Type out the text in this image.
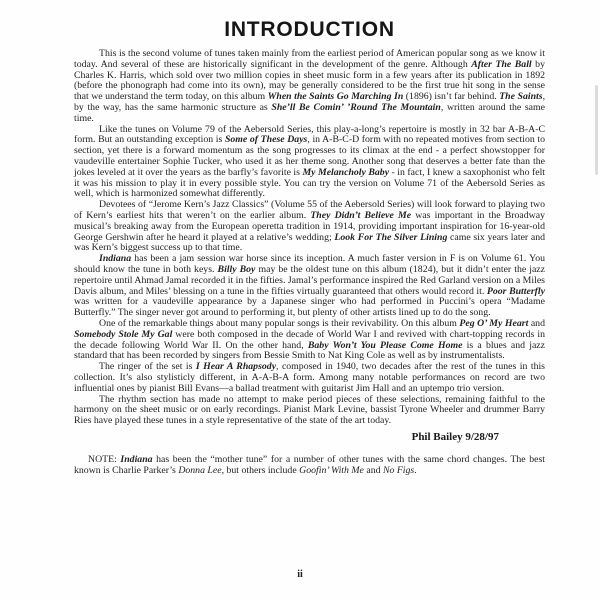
INTRODUCTION

This is the second volume of tunes taken mainly from the earliest period of American popular song as we know it today. And several of these are historically significant in the development of the genre. Although After The Ball by Charles K. Harris, which sold over two million copies in sheet music form in a few years after its publication in 1892 (before the phonograph had come into its own), may be generally considered to be the first true hit song in the sense that we understand the term today, on this album When the Saints Go Marching In (1896) isn’t far behind. The Saints, by the way, has the same harmonic structure as She’ll Be Comin’ ’Round The Mountain, written around the same time.

Like the tunes on Volume 79 of the Aebersold Series, this play-a-long’s repertoire is mostly in 32 bar A-B-A-C form. But an outstanding exception is Some of These Days, in A-B-C-D form with no repeated motives from section to section, yet there is a forward momentum as the song progresses to its climax at the end - a perfect showstopper for vaudeville entertainer Sophie Tucker, who used it as her theme song. Another song that deserves a better fate than the jokes leveled at it over the years as the barfly’s favorite is My Melancholy Baby - in fact, I knew a saxophonist who felt it was his mission to play it in every possible style. You can try the version on Volume 71 of the Aebersold Series as well, which is harmonized somewhat differently.

Devotees of “Jerome Kern’s Jazz Classics” (Volume 55 of the Aebersold Series) will look forward to playing two of Kern’s earliest hits that weren’t on the earlier album. They Didn’t Believe Me was important in the Broadway musical’s breaking away from the European operetta tradition in 1914, providing important inspiration for 16-year-old George Gershwin after he heard it played at a relative’s wedding; Look For The Silver Lining came six years later and was Kern’s biggest success up to that time.

Indiana has been a jam session war horse since its inception. A much faster version in F is on Volume 61. You should know the tune in both keys. Billy Boy may be the oldest tune on this album (1824), but it didn’t enter the jazz repertoire until Ahmad Jamal recorded it in the fifties. Jamal’s performance inspired the Red Garland version on a Miles Davis album, and Miles’ blessing on a tune in the fifties virtually guaranteed that others would record it. Poor Butterfly was written for a vaudeville appearance by a Japanese singer who had performed in Puccini’s opera “Madame Butterfly.” The singer never got around to performing it, but plenty of other artists lined up to do the song.

One of the remarkable things about many popular songs is their revivability. On this album Peg O’ My Heart and Somebody Stole My Gal were both composed in the decade of World War I and revived with chart-topping records in the decade following World War II. On the other hand, Baby Won’t You Please Come Home is a blues and jazz standard that has been recorded by singers from Bessie Smith to Nat King Cole as well as by instrumentalists.

The ringer of the set is I Hear A Rhapsody, composed in 1940, two decades after the rest of the tunes in this collection. It’s also stylisticly different, in A-A-B-A form. Among many notable performances on record are two influential ones by pianist Bill Evans—a ballad treatment with guitarist Jim Hall and an uptempo trio version.

The rhythm section has made no attempt to make period pieces of these selections, remaining faithful to the harmony on the sheet music or on early recordings. Pianist Mark Levine, bassist Tyrone Wheeler and drummer Barry Ries have played these tunes in a style representative of the state of the art today.

Phil Bailey 9/28/97

NOTE: Indiana has been the “mother tune” for a number of other tunes with the same chord changes. The best known is Charlie Parker’s Donna Lee, but others include Goofin’ With Me and No Figs.

ii
